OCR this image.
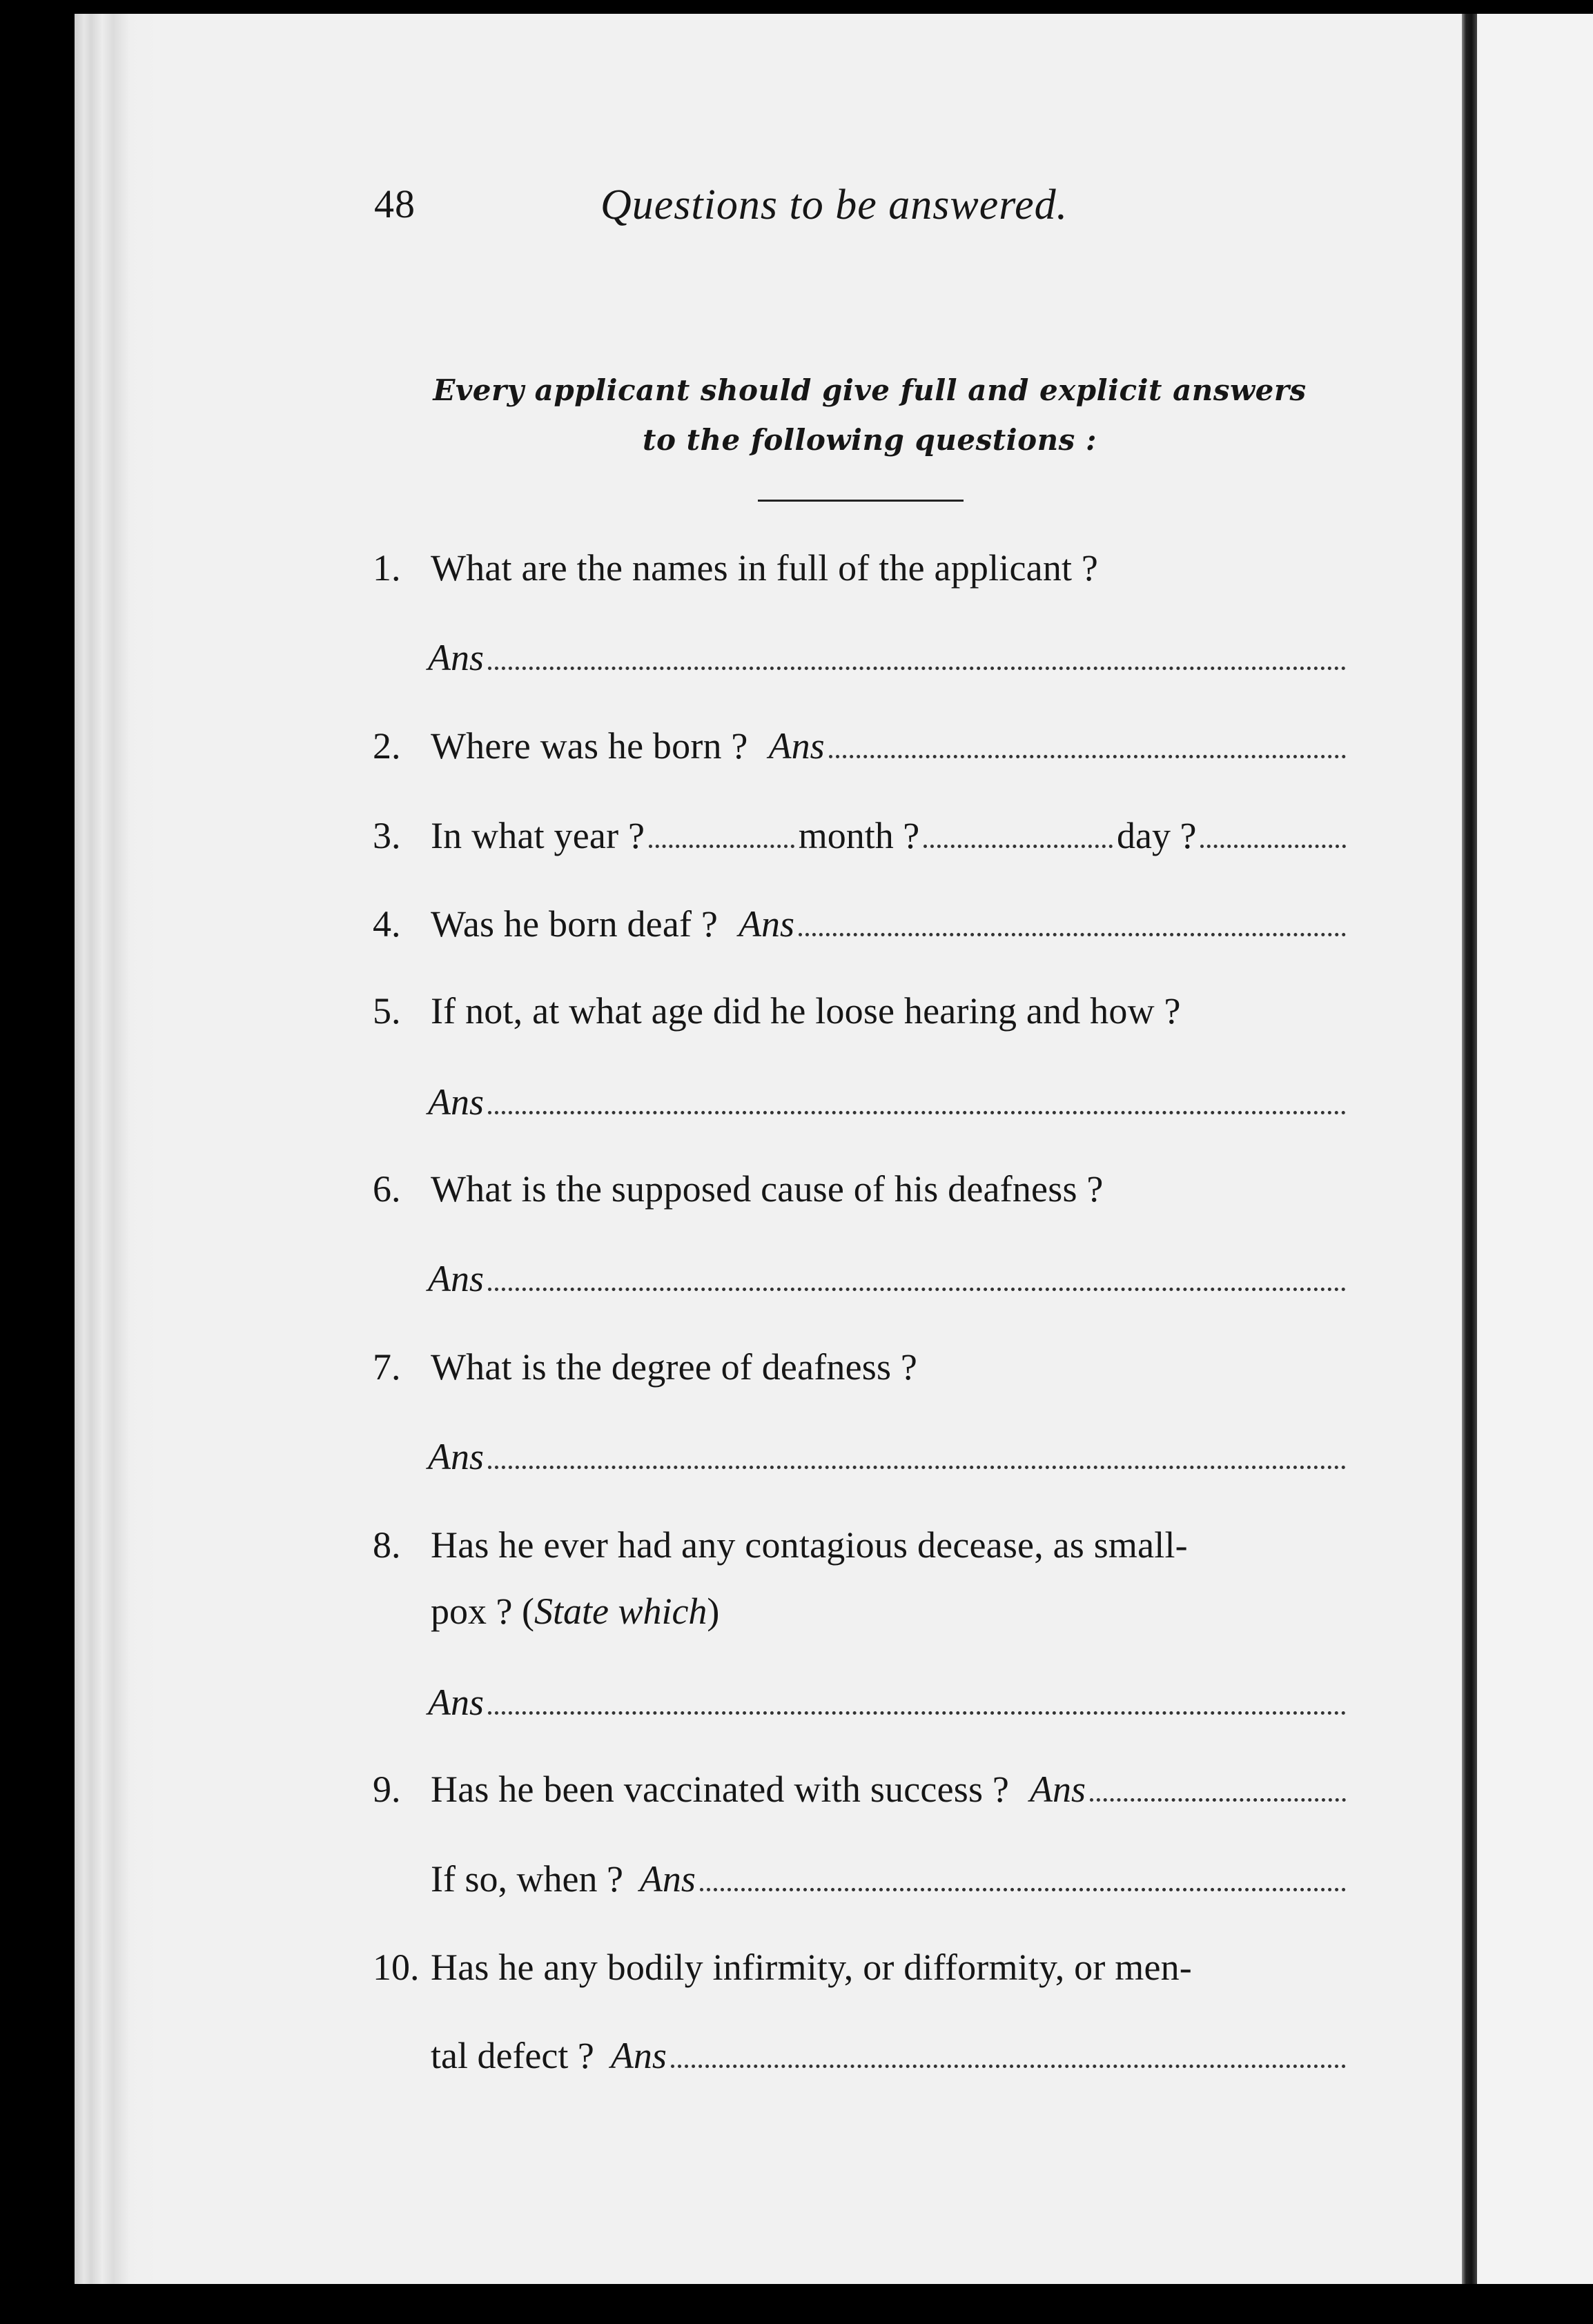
48	Questions to be answered.
Every applicant should give full and explicit answers
to the following questions :
1. What are the names in full of the applicant ?
Ans
2. Where was he born ? Ans
3. In what year ?	month ?	day ?
4. Was he born deaf ? Ans
5. If not, at what age did he loose hearing and how ?
Ans
6. What is the supposed cause of his deafness ?
Ans
7. What is the degree of deafness ?
Ans
8. Has he ever had any contagious decease, as small-
pox ? (State which)
Ans
9. Has he been vaccinated with success ? Ans
If so, when ? Ans
10. Has he any bodily infirmity, or difformity, or men-
tal defect ? Ans
